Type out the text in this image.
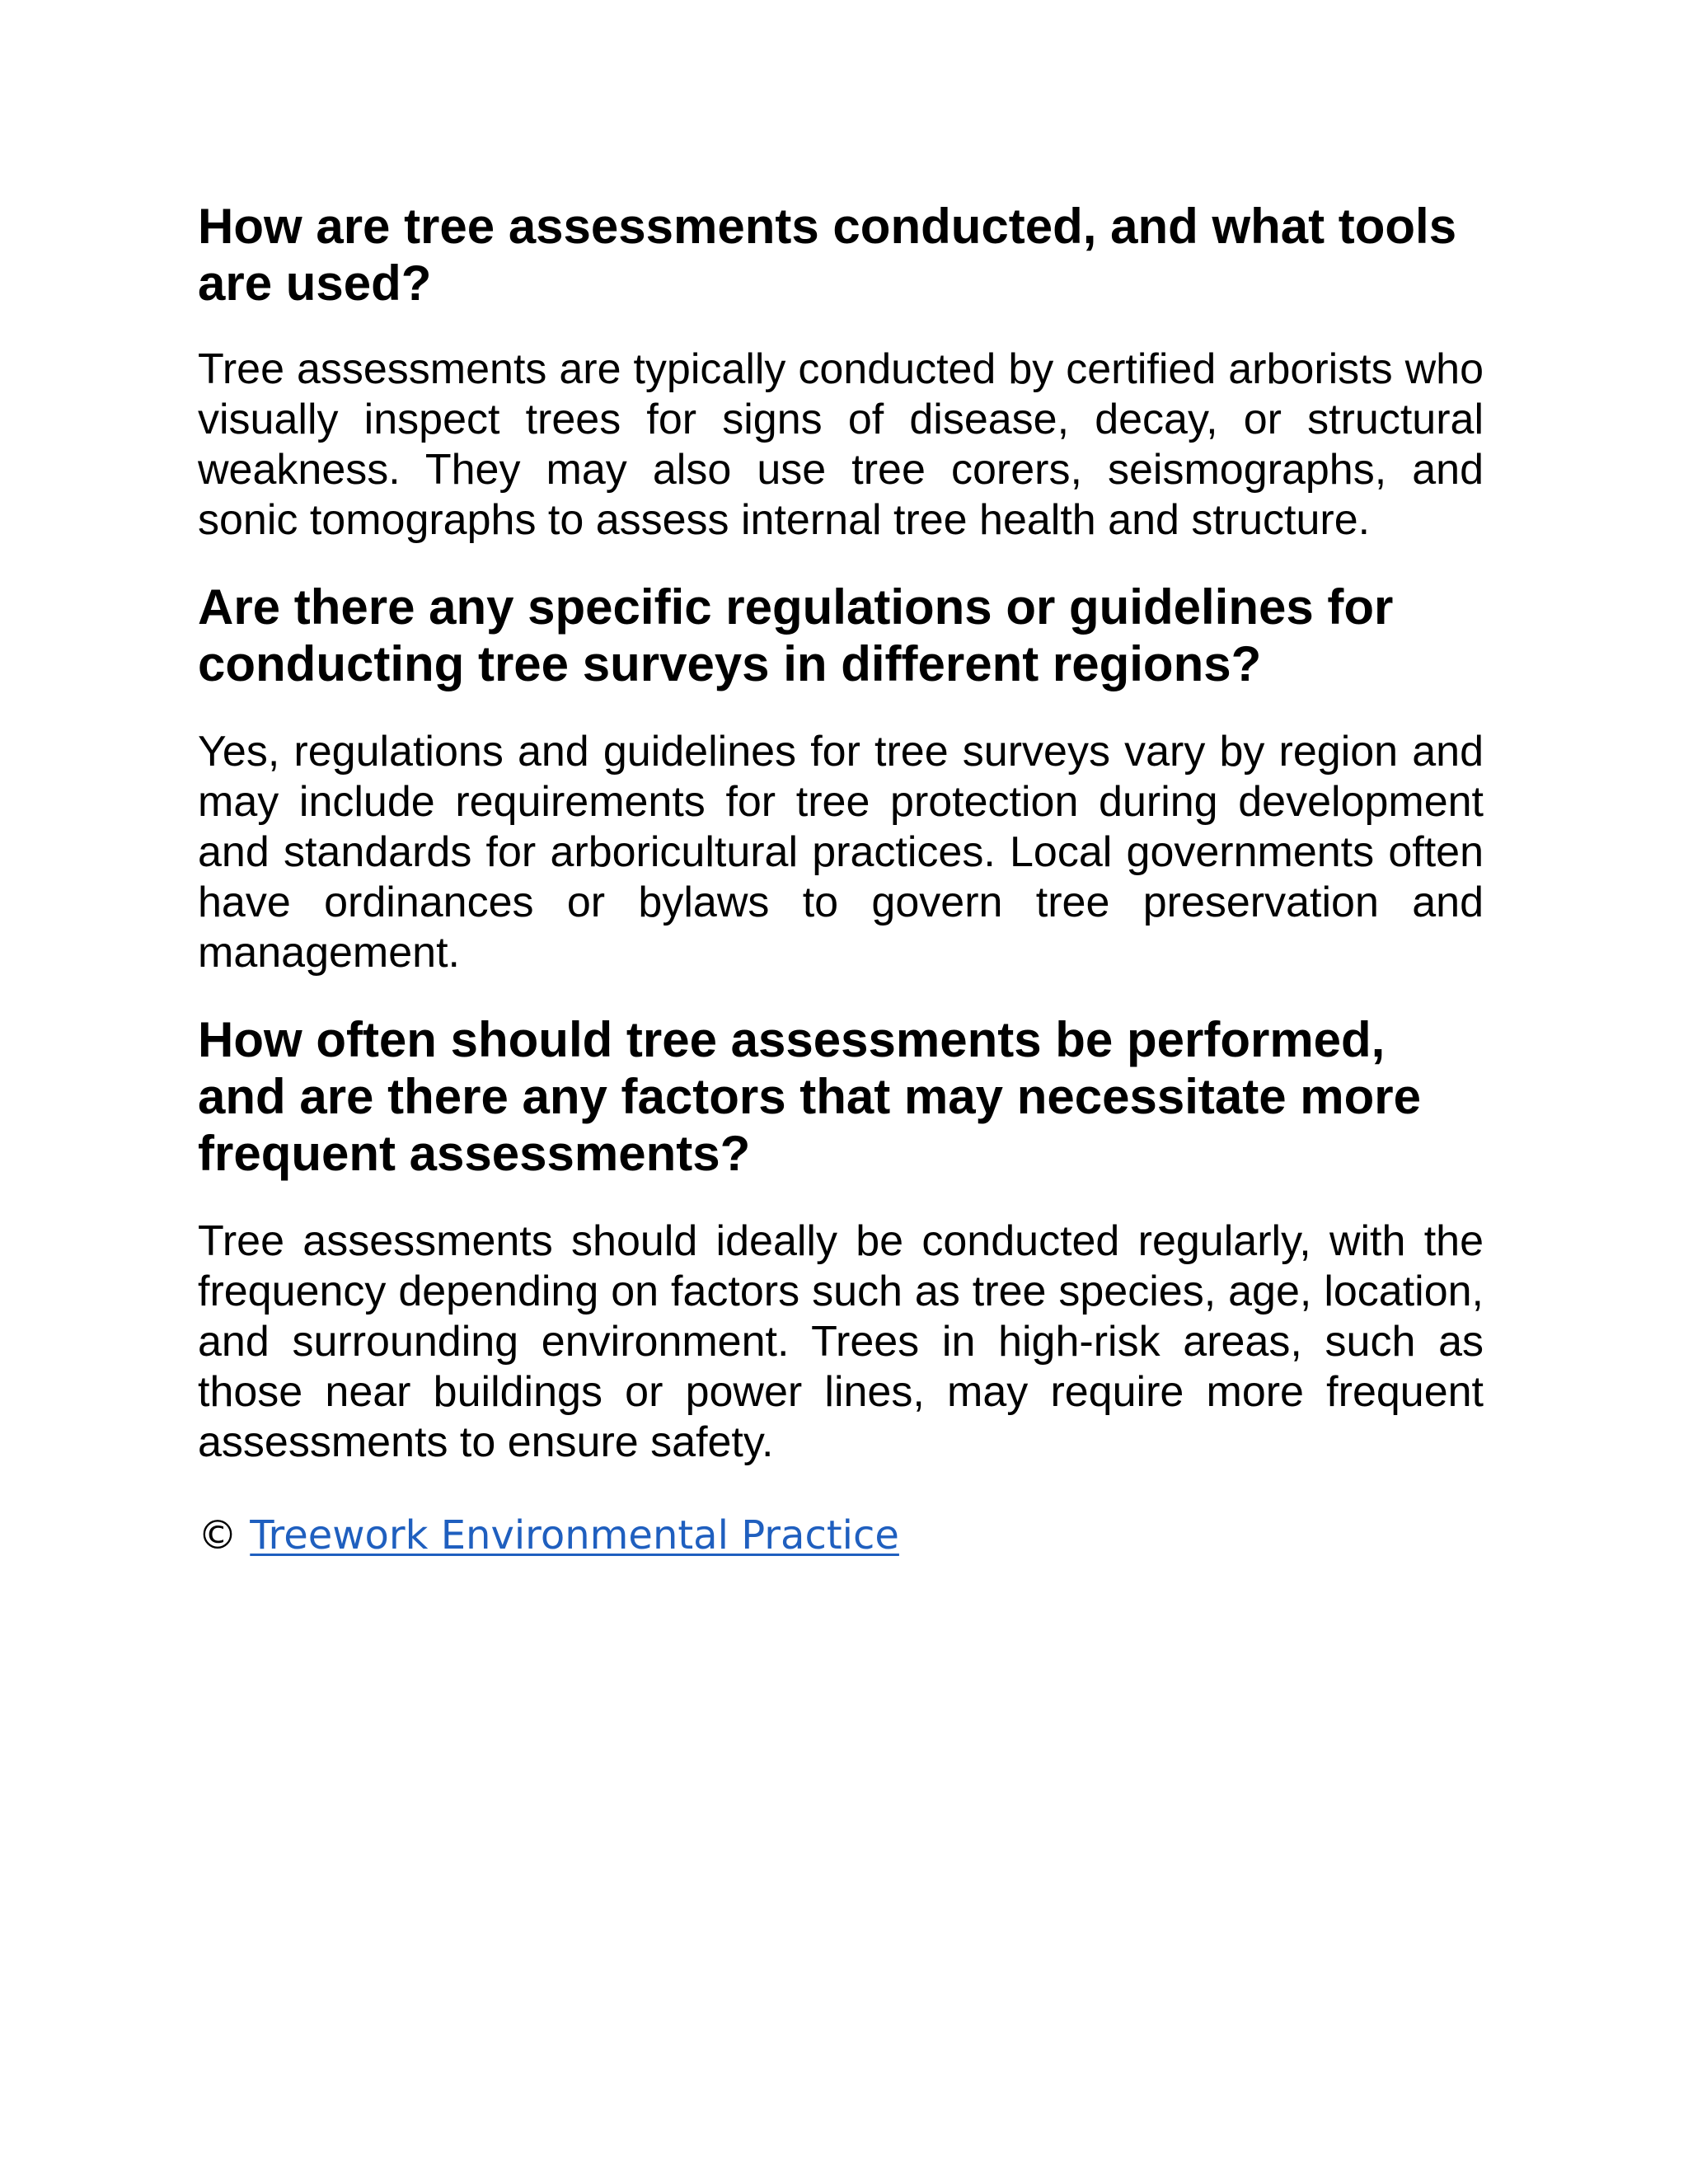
How are tree assessments conducted, and what tools are used?

Tree assessments are typically conducted by certified arborists who visually inspect trees for signs of disease, decay, or structural weakness. They may also use tree corers, seismographs, and sonic tomographs to assess internal tree health and structure.

Are there any specific regulations or guidelines for conducting tree surveys in different regions?

Yes, regulations and guidelines for tree surveys vary by region and may include requirements for tree protection during development and standards for arboricultural practices. Local governments often have ordinances or bylaws to govern tree preservation and management.

How often should tree assessments be performed, and are there any factors that may necessitate more frequent assessments?

Tree assessments should ideally be conducted regularly, with the frequency depending on factors such as tree species, age, location, and surrounding environment. Trees in high-risk areas, such as those near buildings or power lines, may require more frequent assessments to ensure safety.

© Treework Environmental Practice
